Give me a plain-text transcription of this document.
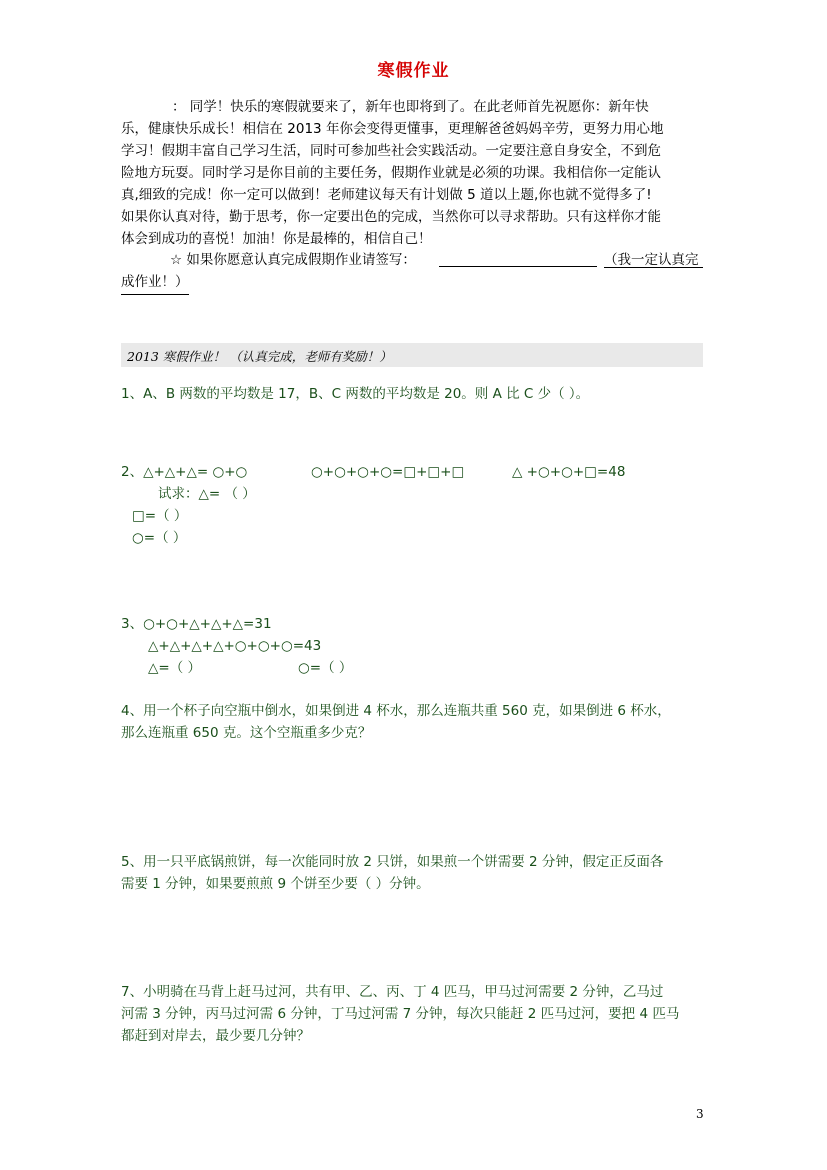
寒假作业
： 同学！快乐的寒假就要来了，新年也即将到了。在此老师首先祝愿你：新年快
乐，健康快乐成长！相信在 2013 年你会变得更懂事，更理解爸爸妈妈辛劳，更努力用心地
学习！假期丰富自己学习生活，同时可参加些社会实践活动。一定要注意自身安全，不到危
险地方玩耍。同时学习是你目前的主要任务，假期作业就是必须的功课。我相信你一定能认
真,细致的完成！你一定可以做到！老师建议每天有计划做 5 道以上题,你也就不觉得多了!
如果你认真对待，勤于思考，你一定要出色的完成，当然你可以寻求帮助。只有这样你才能
体会到成功的喜悦！加油！你是最棒的，相信自己！
☆ 如果你愿意认真完成假期作业请签写：	（我一定认真完
成作业！）
2013 寒假作业！ （认真完成，老师有奖励！）
1、A、B 两数的平均数是 17，B、C 两数的平均数是 20。则 A 比 C 少（ ）。
2、△+△+△= ○+○	○+○+○+○=□+□+□	△ +○+○+□=48
试求：△= （ ）
□=（ ）
○=（ ）
3、○+○+△+△+△=31
△+△+△+△+○+○+○=43
△=（ ）	○=（ ）
4、用一个杯子向空瓶中倒水，如果倒进 4 杯水，那么连瓶共重 560 克，如果倒进 6 杯水，
那么连瓶重 650 克。这个空瓶重多少克？
5、用一只平底锅煎饼，每一次能同时放 2 只饼，如果煎一个饼需要 2 分钟，假定正反面各
需要 1 分钟，如果要煎煎 9 个饼至少要（ ）分钟。
7、小明骑在马背上赶马过河，共有甲、乙、丙、丁 4 匹马，甲马过河需要 2 分钟，乙马过
河需 3 分钟，丙马过河需 6 分钟，丁马过河需 7 分钟，每次只能赶 2 匹马过河，要把 4 匹马
都赶到对岸去，最少要几分钟？
3
